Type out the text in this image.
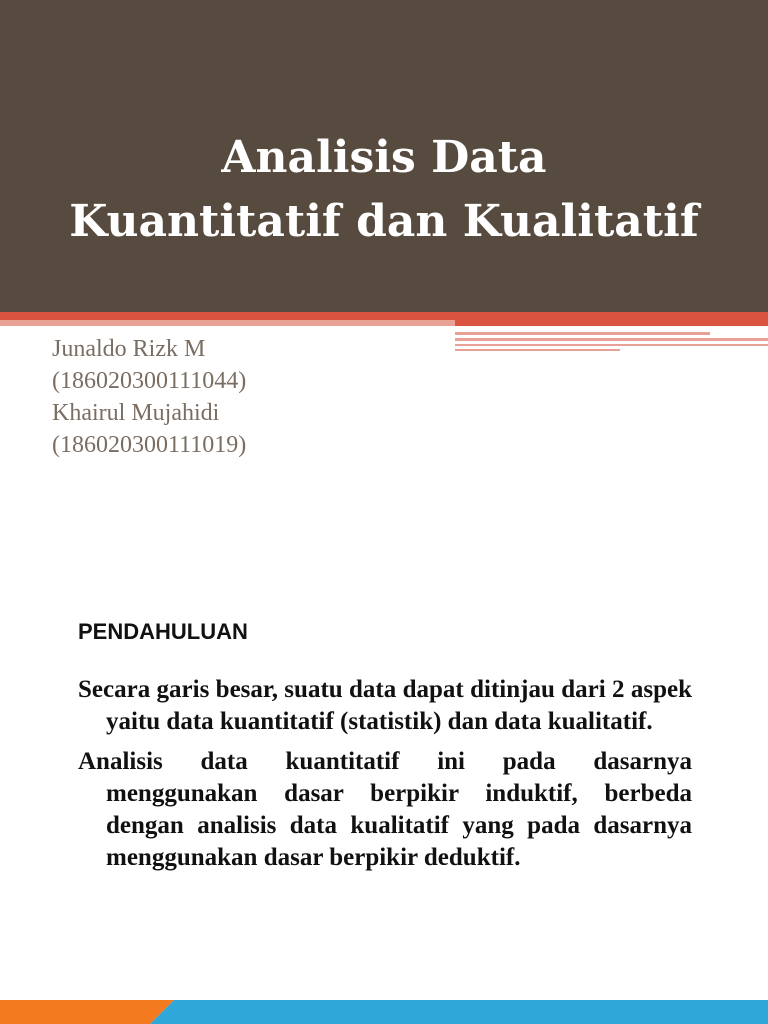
Analisis Data
Kuantitatif dan Kualitatif
Junaldo Rizk M
(186020300111044)
Khairul Mujahidi
(186020300111019)
PENDAHULUAN
Secara garis besar, suatu data dapat ditinjau dari 2 aspek yaitu data kuantitatif (statistik) dan data kualitatif.
Analisis data kuantitatif ini pada dasarnya menggunakan dasar berpikir induktif, berbeda dengan analisis data kualitatif yang pada dasarnya menggunakan dasar berpikir deduktif.
